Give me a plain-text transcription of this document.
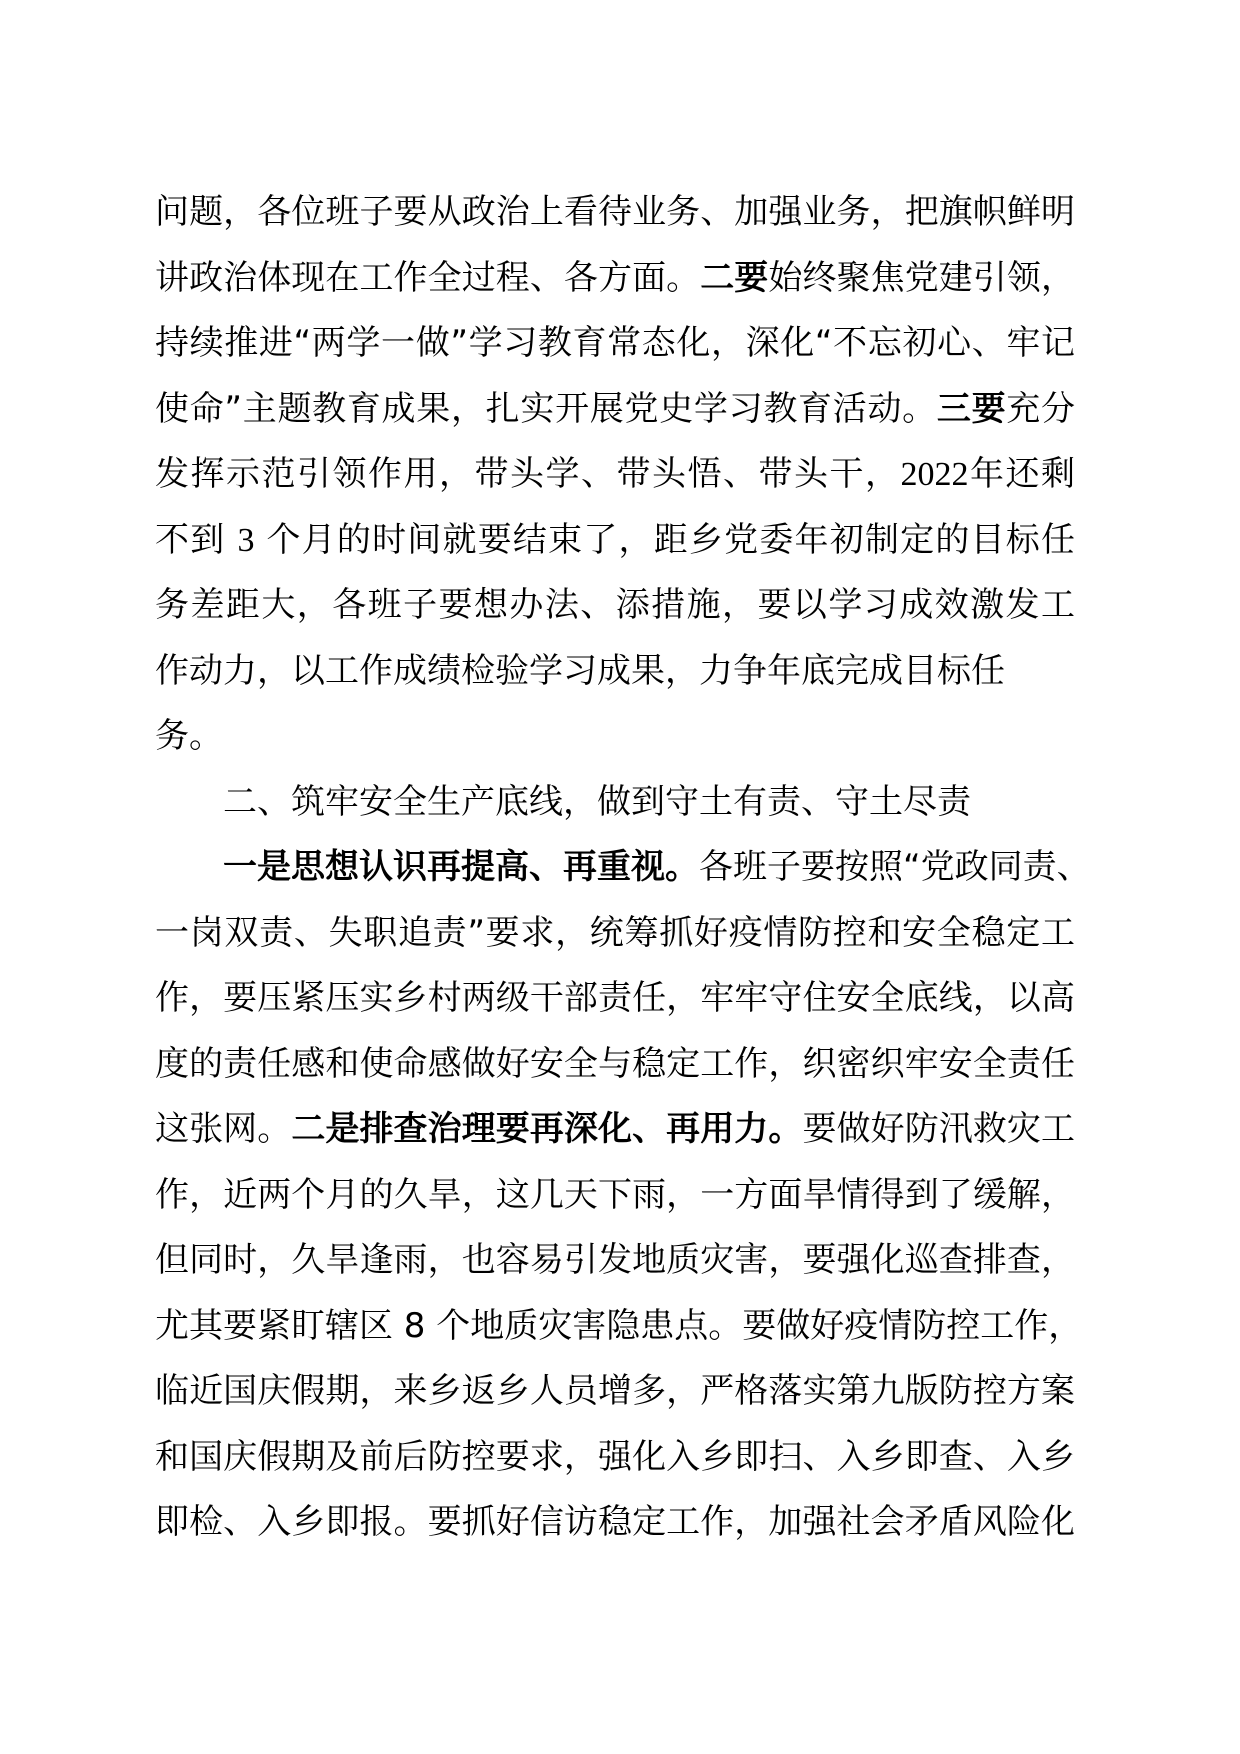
问题，各位班子要从政治上看待业务、加强业务，把旗帜鲜明
讲政治体现在工作全过程、各方面。二要始终聚焦党建引领，
持续推进“两学一做”学习教育常态化，深化“不忘初心、牢记
使命”主题教育成果，扎实开展党史学习教育活动。三要充分
发挥示范引领作用，带头学、带头悟、带头干，2022年还剩
不到 3 个月的时间就要结束了，距乡党委年初制定的目标任
务差距大，各班子要想办法、添措施，要以学习成效激发工
作动力，以工作成绩检验学习成果，力争年底完成目标任
务。
二、筑牢安全生产底线，做到守土有责、守土尽责
一是思想认识再提高、再重视。各班子要按照“党政同责、
一岗双责、失职追责”要求，统筹抓好疫情防控和安全稳定工
作，要压紧压实乡村两级干部责任，牢牢守住安全底线，以高
度的责任感和使命感做好安全与稳定工作，织密织牢安全责任
这张网。二是排查治理要再深化、再用力。要做好防汛救灾工
作，近两个月的久旱，这几天下雨，一方面旱情得到了缓解，
但同时，久旱逢雨，也容易引发地质灾害，要强化巡查排查，
尤其要紧盯辖区 8 个地质灾害隐患点。要做好疫情防控工作，
临近国庆假期，来乡返乡人员增多，严格落实第九版防控方案
和国庆假期及前后防控要求，强化入乡即扫、入乡即查、入乡
即检、入乡即报。要抓好信访稳定工作，加强社会矛盾风险化
